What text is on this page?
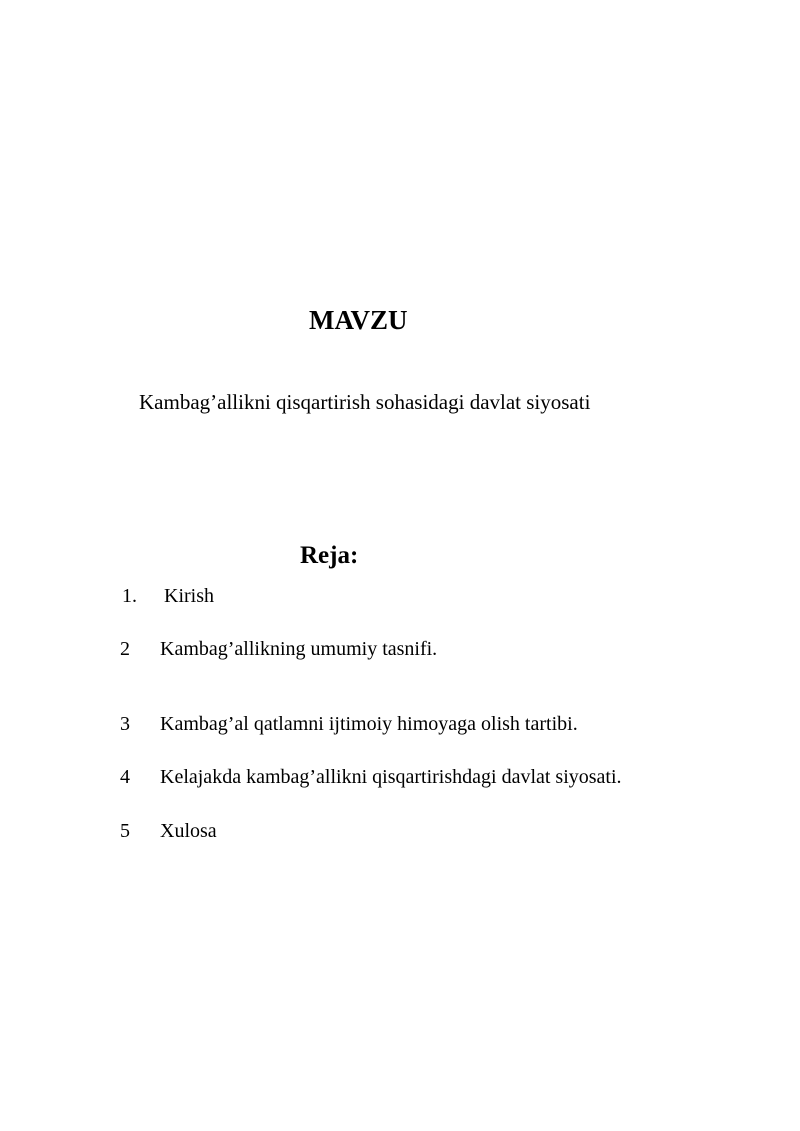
MAVZU
Kambag’allikni qisqartirish sohasidagi davlat siyosati
Reja:
1. Kirish
2 Kambag’allikning umumiy tasnifi.
3 Kambag’al qatlamni ijtimoiy himoyaga olish tartibi.
4 Kelajakda kambag’allikni qisqartirishdagi davlat siyosati.
5 Xulosa
